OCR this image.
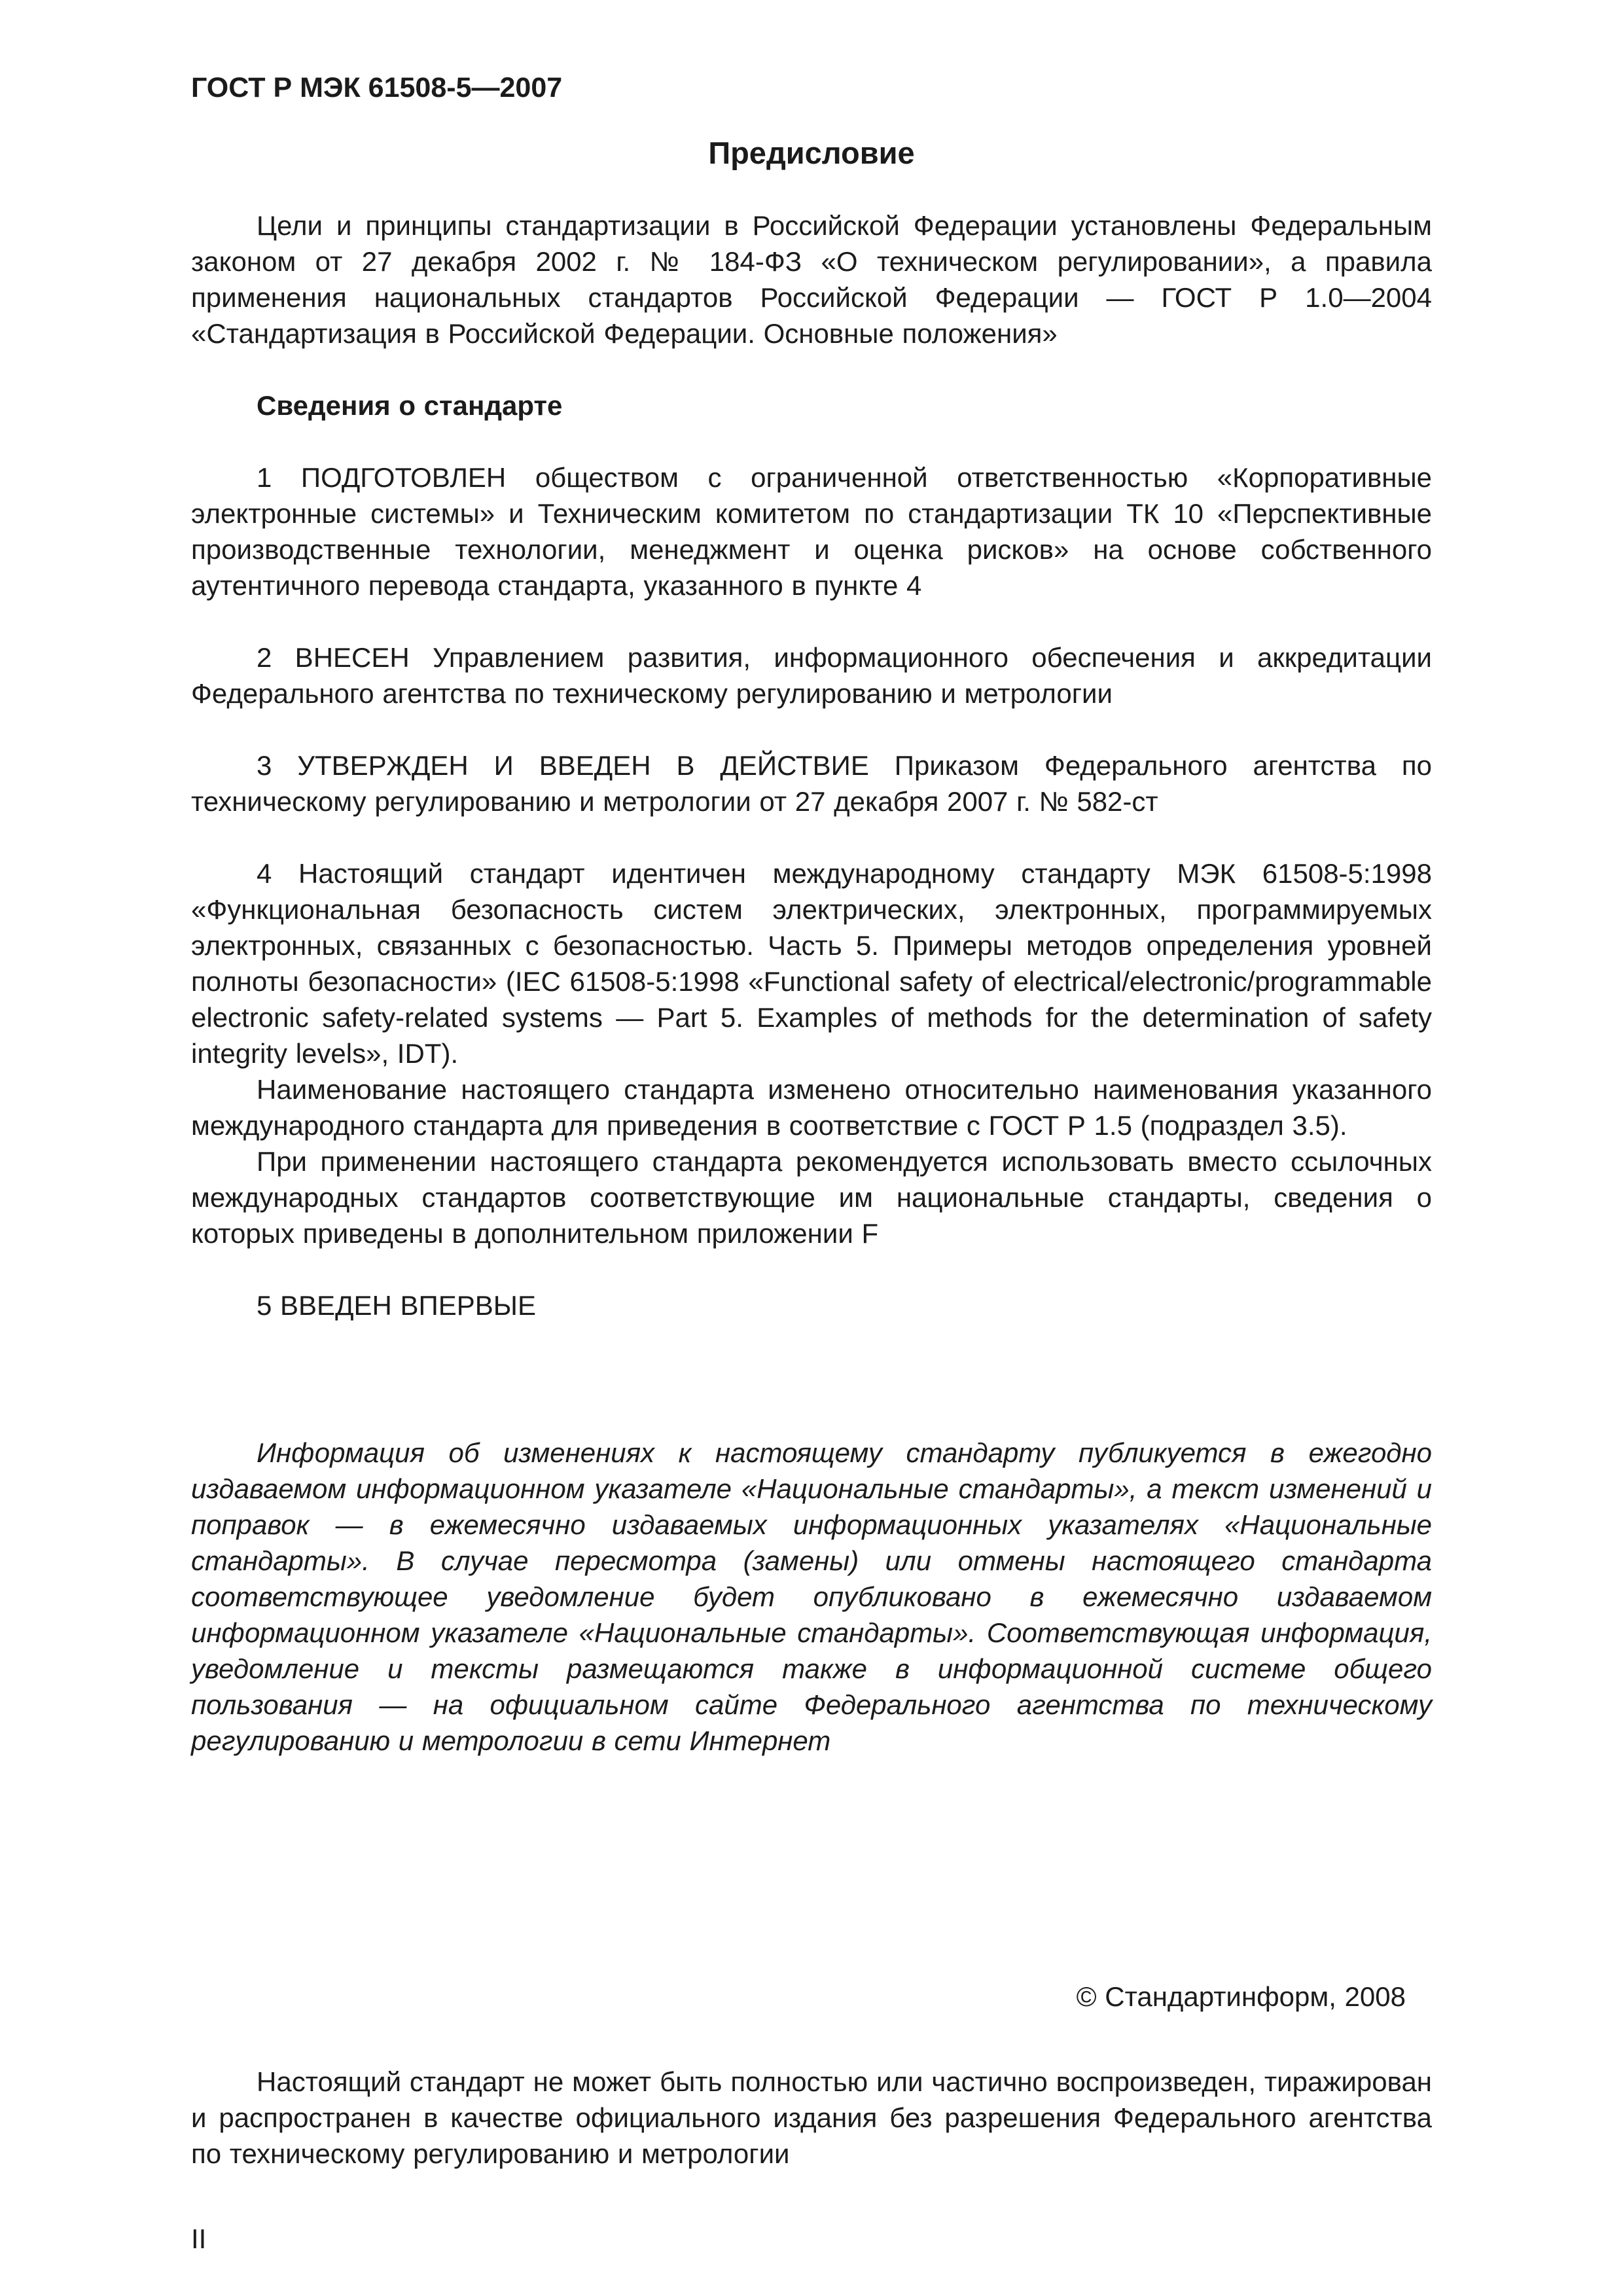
ГОСТ Р МЭК 61508-5—2007
Предисловие

Цели и принципы стандартизации в Российской Федерации установлены Федеральным законом от 27 декабря 2002 г. № 184-ФЗ «О техническом регулировании», а правила применения национальных стандартов Российской Федерации — ГОСТ Р 1.0—2004 «Стандартизация в Российской Федерации. Основные положения»

Сведения о стандарте

1 ПОДГОТОВЛЕН обществом с ограниченной ответственностью «Корпоративные электронные системы» и Техническим комитетом по стандартизации ТК 10 «Перспективные производственные технологии, менеджмент и оценка рисков» на основе собственного аутентичного перевода стандарта, указанного в пункте 4

2 ВНЕСЕН Управлением развития, информационного обеспечения и аккредитации Федерального агентства по техническому регулированию и метрологии

3 УТВЕРЖДЕН И ВВЕДЕН В ДЕЙСТВИЕ Приказом Федерального агентства по техническому регулированию и метрологии от 27 декабря 2007 г. № 582-ст

4 Настоящий стандарт идентичен международному стандарту МЭК 61508-5:1998 «Функциональная безопасность систем электрических, электронных, программируемых электронных, связанных с безопасностью. Часть 5. Примеры методов определения уровней полноты безопасности» (IEC 61508-5:1998 «Functional safety of electrical/electronic/programmable electronic safety-related systems — Part 5. Examples of methods for the determination of safety integrity levels», IDT).

Наименование настоящего стандарта изменено относительно наименования указанного международного стандарта для приведения в соответствие с ГОСТ Р 1.5 (подраздел 3.5).

При применении настоящего стандарта рекомендуется использовать вместо ссылочных международных стандартов соответствующие им национальные стандарты, сведения о которых приведены в дополнительном приложении F

5 ВВЕДЕН ВПЕРВЫЕ

Информация об изменениях к настоящему стандарту публикуется в ежегодно издаваемом информационном указателе «Национальные стандарты», а текст изменений и поправок — в ежемесячно издаваемых информационных указателях «Национальные стандарты». В случае пересмотра (замены) или отмены настоящего стандарта соответствующее уведомление будет опубликовано в ежемесячно издаваемом информационном указателе «Национальные стандарты». Соответствующая информация, уведомление и тексты размещаются также в информационной системе общего пользования — на официальном сайте Федерального агентства по техническому регулированию и метрологии в сети Интернет

© Стандартинформ, 2008

Настоящий стандарт не может быть полностью или частично воспроизведен, тиражирован и распространен в качестве официального издания без разрешения Федерального агентства по техническому регулированию и метрологии

II
